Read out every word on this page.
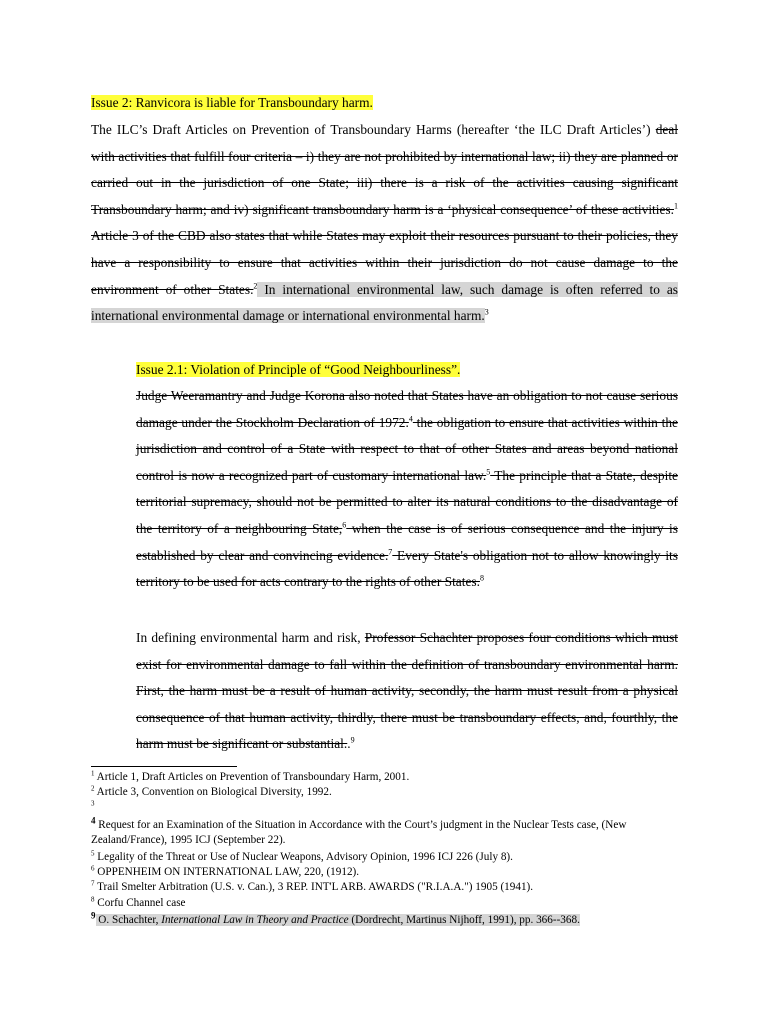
Issue 2: Ranvicora is liable for Transboundary harm.
The ILC’s Draft Articles on Prevention of Transboundary Harms (hereafter ‘the ILC Draft Articles’) deal with activities that fulfill four criteria – i) they are not prohibited by international law; ii) they are planned or carried out in the jurisdiction of one State; iii) there is a risk of the activities causing significant Transboundary harm; and iv) significant transboundary harm is a ‘physical consequence’ of these activities.$^1$ Article 3 of the CBD also states that while States may exploit their resources pursuant to their policies, they have a responsibility to ensure that activities within their jurisdiction do not cause damage to the environment of other States.$^2$ In international environmental law, such damage is often referred to as international environmental damage or international environmental harm.$^3$
Issue 2.1: Violation of Principle of “Good Neighbourliness”.
Judge Weeramantry and Judge Korona also noted that States have an obligation to not cause serious damage under the Stockholm Declaration of 1972.$^4$ the obligation to ensure that activities within the jurisdiction and control of a State with respect to that of other States and areas beyond national control is now a recognized part of customary international law.$^5$ The principle that a State, despite territorial supremacy, should not be permitted to alter its natural conditions to the disadvantage of the territory of a neighbouring State,$^6$ when the case is of serious consequence and the injury is established by clear and convincing evidence.$^7$ Every State's obligation not to allow knowingly its territory to be used for acts contrary to the rights of other States.$^8$
In defining environmental harm and risk, Professor Schachter proposes four conditions which must exist for environmental damage to fall within the definition of transboundary environmental harm. First, the harm must be a result of human activity, secondly, the harm must result from a physical consequence of that human activity, thirdly, there must be transboundary effects, and, fourthly, the harm must be significant or substantial..$^9$
$^1$ Article 1, Draft Articles on Prevention of Transboundary Harm, 2001.
$^2$ Article 3, Convention on Biological Diversity, 1992.
$^3$
$^4$ Request for an Examination of the Situation in Accordance with the Court’s judgment in the Nuclear Tests case, (New Zealand/France), 1995 ICJ (September 22).
$^5$ Legality of the Threat or Use of Nuclear Weapons, Advisory Opinion, 1996 ICJ 226 (July 8).
$^6$ OPPENHEIM ON INTERNATIONAL LAW, 220, (1912).
$^7$ Trail Smelter Arbitration (U.S. v. Can.), 3 REP. INT'L ARB. AWARDS ("R.I.A.A.") 1905 (1941).
$^8$ Corfu Channel case
$^9$ O. Schachter, International Law in Theory and Practice (Dordrecht, Martinus Nijhoff, 1991), pp. 366--368.
